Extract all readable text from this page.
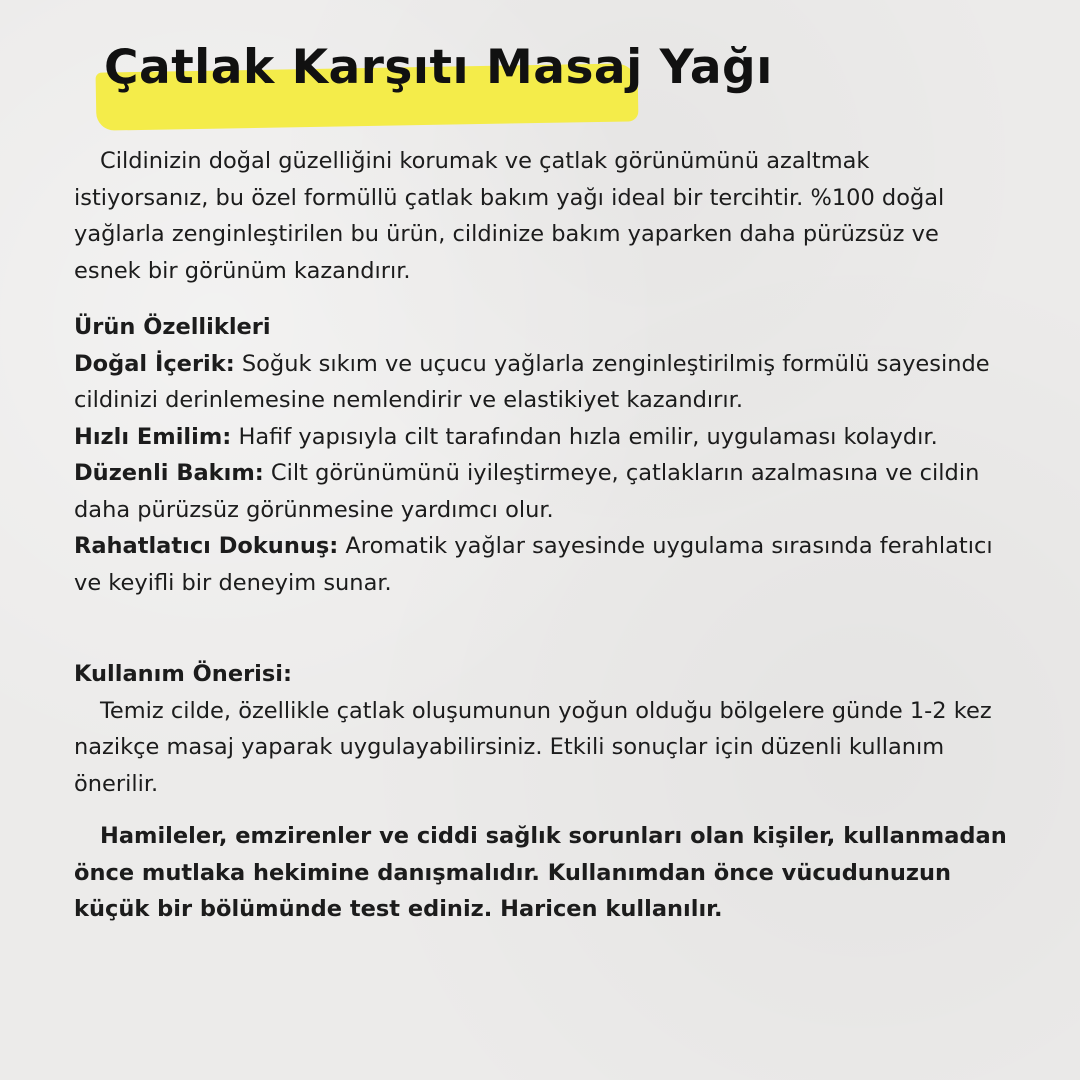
Çatlak Karşıtı Masaj Yağı

Cildinizin doğal güzelliğini korumak ve çatlak görünümünü azaltmak istiyorsanız, bu özel formüllü çatlak bakım yağı ideal bir tercihtir. %100 doğal yağlarla zenginleştirilen bu ürün, cildinize bakım yaparken daha pürüzsüz ve esnek bir görünüm kazandırır.

Ürün Özellikleri
Doğal İçerik: Soğuk sıkım ve uçucu yağlarla zenginleştirilmiş formülü sayesinde cildinizi derinlemesine nemlendirir ve elastikiyet kazandırır.
Hızlı Emilim: Hafif yapısıyla cilt tarafından hızla emilir, uygulaması kolaydır.
Düzenli Bakım: Cilt görünümünü iyileştirmeye, çatlakların azalmasına ve cildin daha pürüzsüz görünmesine yardımcı olur.
Rahatlatıcı Dokunuş: Aromatik yağlar sayesinde uygulama sırasında ferahlatıcı ve keyifli bir deneyim sunar.
Kullanım Önerisi:
Temiz cilde, özellikle çatlak oluşumunun yoğun olduğu bölgelere günde 1-2 kez nazikçe masaj yaparak uygulayabilirsiniz. Etkili sonuçlar için düzenli kullanım önerilir.

Hamileler, emzirenler ve ciddi sağlık sorunları olan kişiler, kullanmadan önce mutlaka hekimine danışmalıdır. Kullanımdan önce vücudunuzun küçük bir bölümünde test ediniz. Haricen kullanılır.
